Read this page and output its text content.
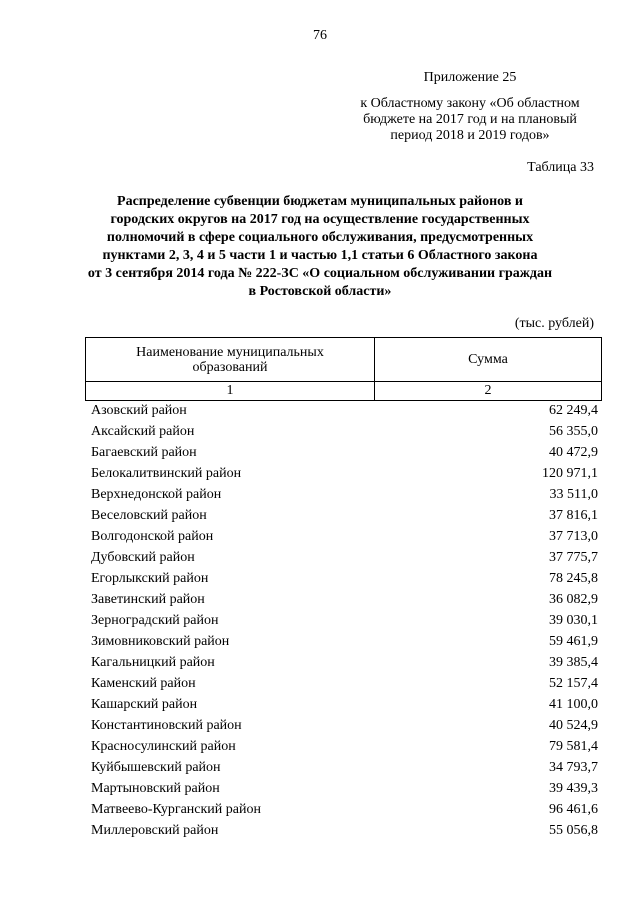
76
Приложение 25
к Областному закону «Об областном
бюджете на 2017 год и на плановый
период 2018 и 2019 годов»
Таблица 33
Распределение субвенции бюджетам муниципальных районов и
городских округов на 2017 год на осуществление государственных
полномочий в сфере социального обслуживания, предусмотренных
пунктами 2, 3, 4 и 5 части 1 и частью 1,1 статьи 6 Областного закона
от 3 сентября 2014 года № 222-ЗС «О социальном обслуживании граждан
в Ростовской области»
(тыс. рублей)
Наименование муниципальных
образований	Сумма
1	2
Азовский район	62 249,4
Аксайский район	56 355,0
Багаевский район	40 472,9
Белокалитвинский район	120 971,1
Верхнедонской район	33 511,0
Веселовский район	37 816,1
Волгодонской район	37 713,0
Дубовский район	37 775,7
Егорлыкский район	78 245,8
Заветинский район	36 082,9
Зерноградский район	39 030,1
Зимовниковский район	59 461,9
Кагальницкий район	39 385,4
Каменский район	52 157,4
Кашарский район	41 100,0
Константиновский район	40 524,9
Красносулинский район	79 581,4
Куйбышевский район	34 793,7
Мартыновский район	39 439,3
Матвеево-Курганский район	96 461,6
Миллеровский район	55 056,8
